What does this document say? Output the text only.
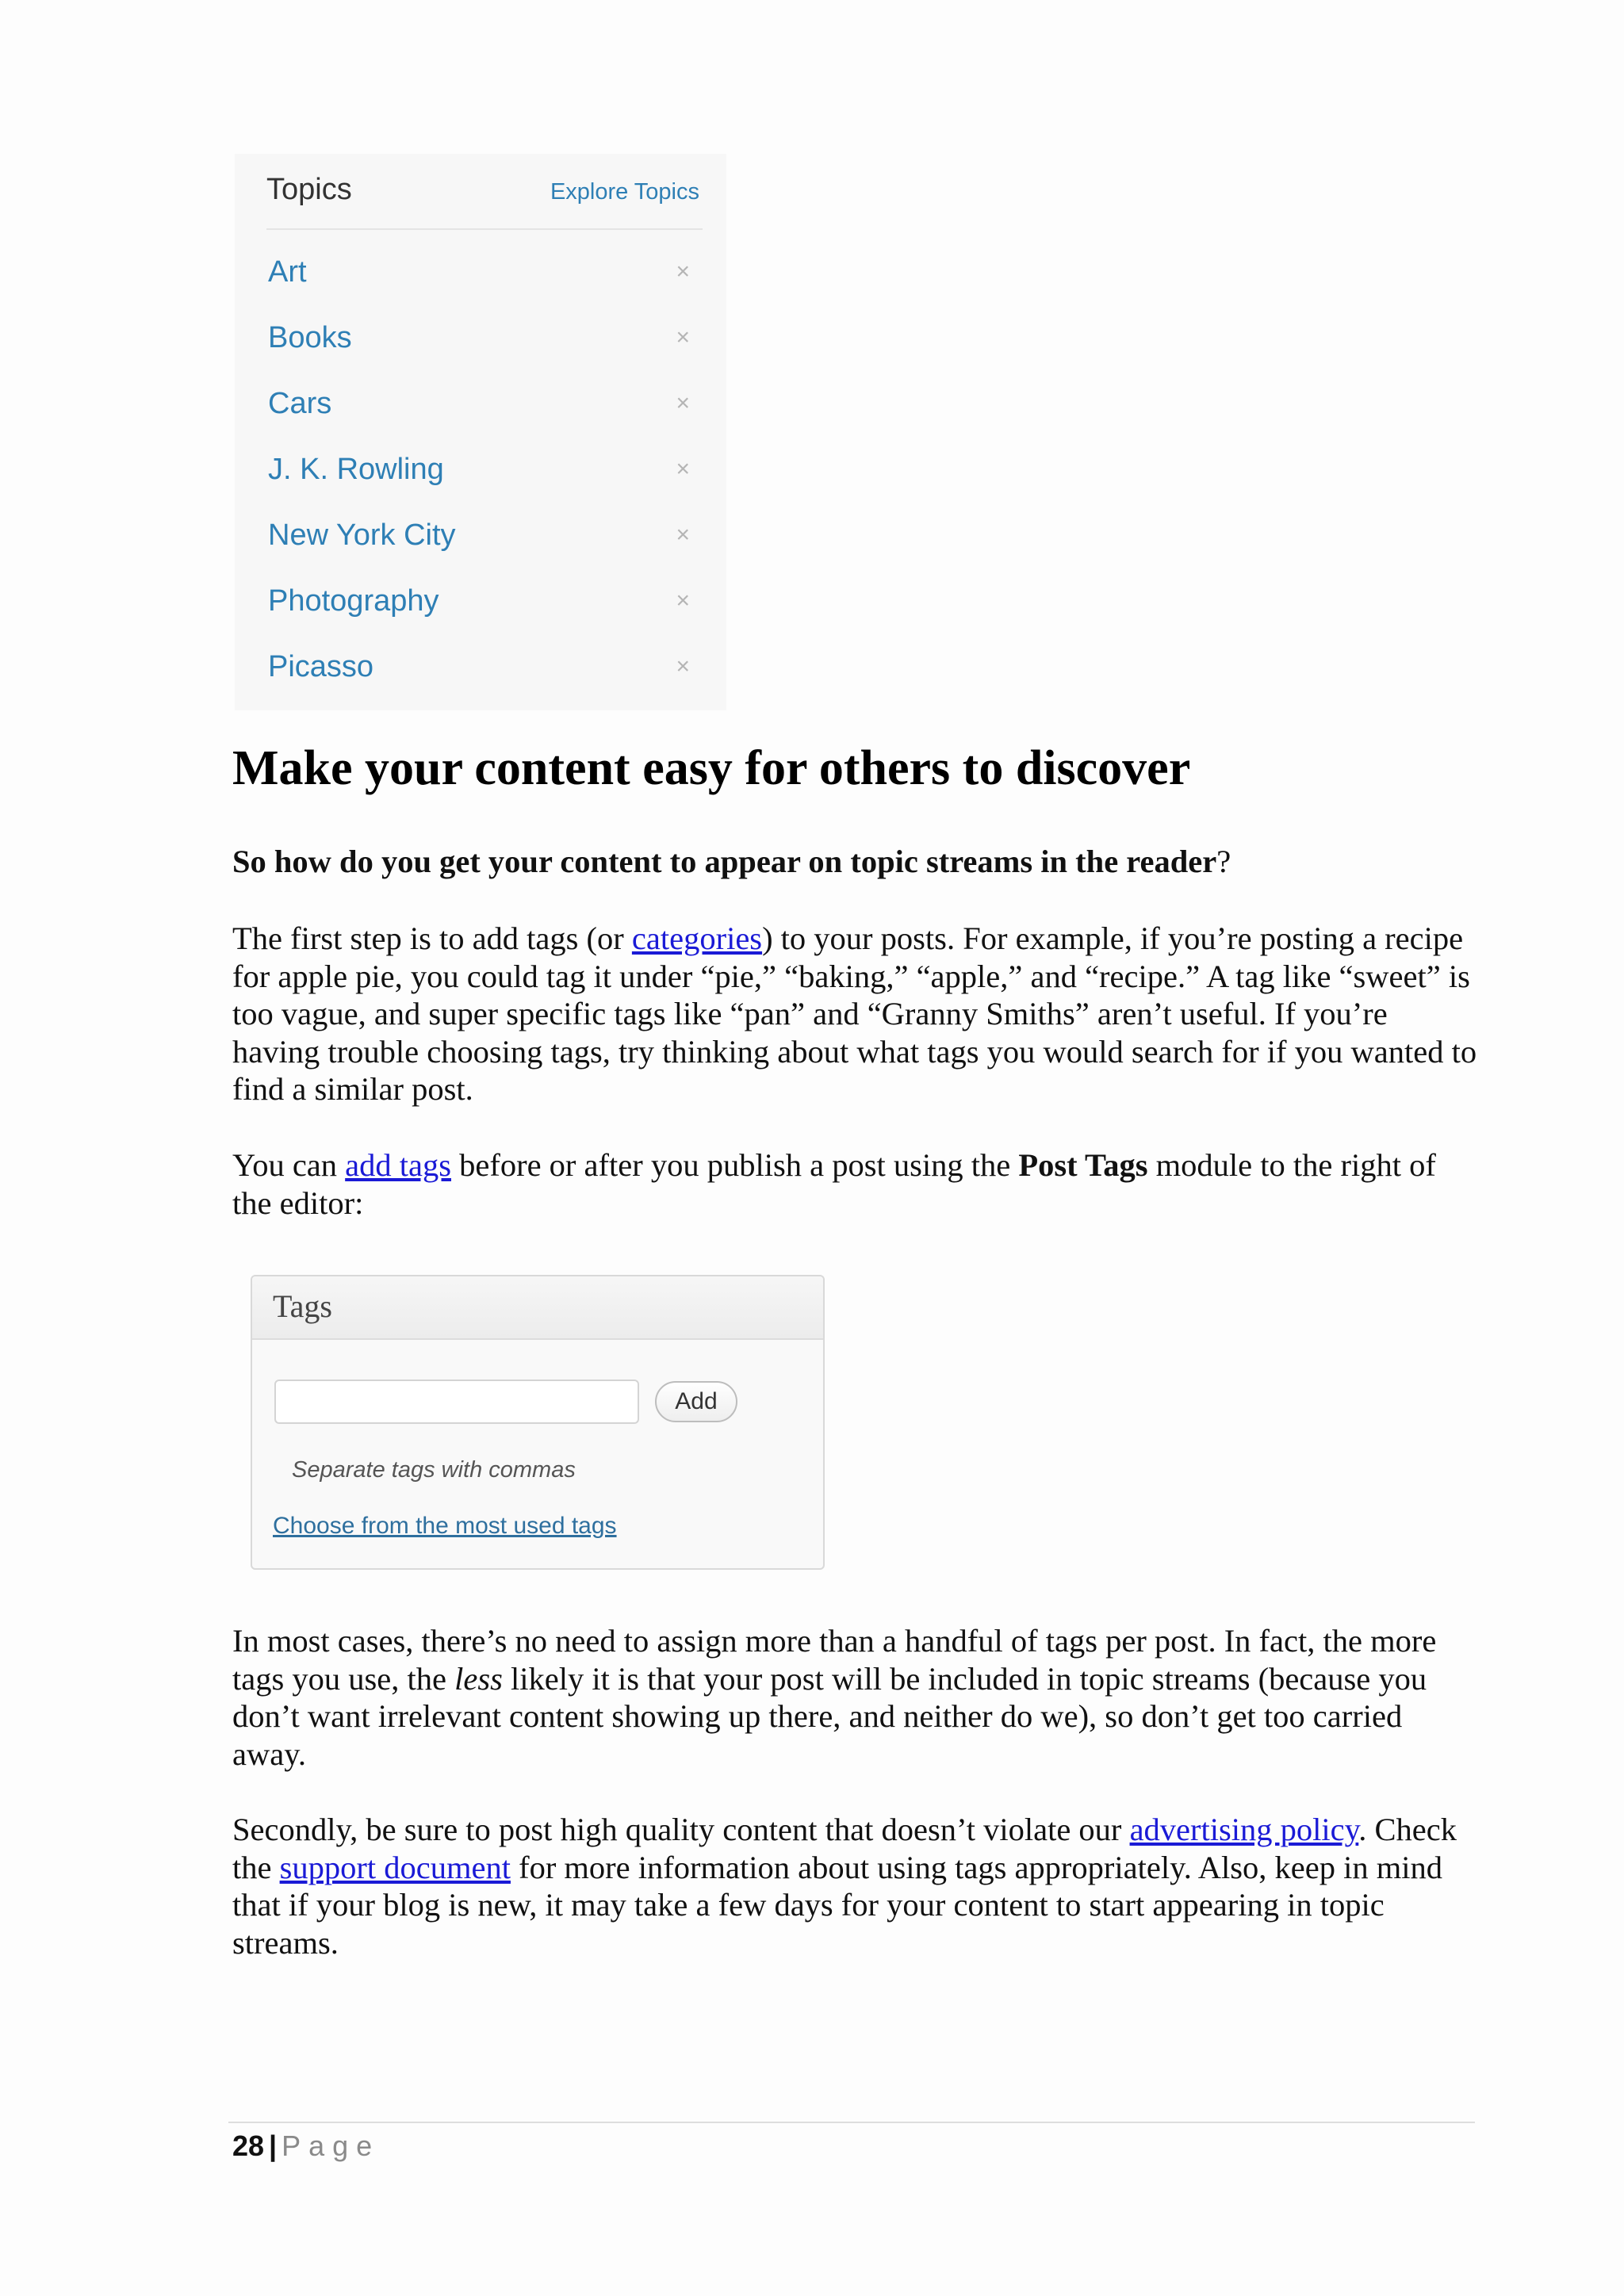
Topics	Explore Topics
Art	×
Books	×
Cars	×
J. K. Rowling	×
New York City	×
Photography	×
Picasso	×
Make your content easy for others to discover

So how do you get your content to appear on topic streams in the reader?

The first step is to add tags (or categories) to your posts. For example, if you’re posting a recipe for apple pie, you could tag it under “pie,” “baking,” “apple,” and “recipe.” A tag like “sweet” is too vague, and super specific tags like “pan” and “Granny Smiths” aren’t useful. If you’re having trouble choosing tags, try thinking about what tags you would search for if you wanted to find a similar post.

You can add tags before or after you publish a post using the Post Tags module to the right of the editor:

Tags
Add
Separate tags with commas
Choose from the most used tags

In most cases, there’s no need to assign more than a handful of tags per post. In fact, the more tags you use, the less likely it is that your post will be included in topic streams (because you don’t want irrelevant content showing up there, and neither do we), so don’t get too carried away.

Secondly, be sure to post high quality content that doesn’t violate our advertising policy. Check the support document for more information about using tags appropriately. Also, keep in mind that if your blog is new, it may take a few days for your content to start appearing in topic streams.

28 | Page
